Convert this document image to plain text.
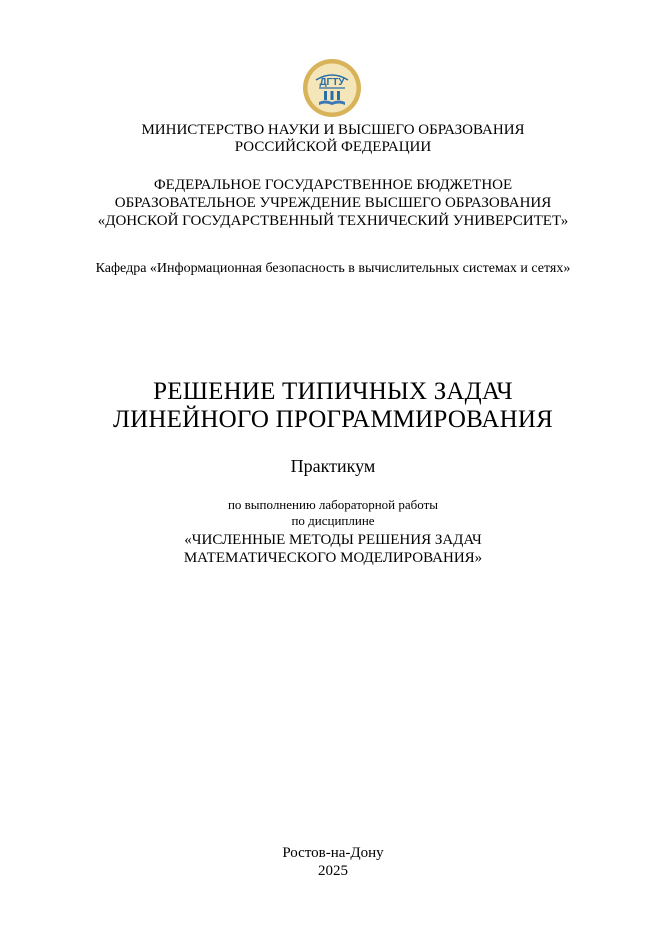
ДГТУ
МИНИСТЕРСТВО НАУКИ И ВЫСШЕГО ОБРАЗОВАНИЯ
РОССИЙСКОЙ ФЕДЕРАЦИИ
ФЕДЕРАЛЬНОЕ ГОСУДАРСТВЕННОЕ БЮДЖЕТНОЕ
ОБРАЗОВАТЕЛЬНОЕ УЧРЕЖДЕНИЕ ВЫСШЕГО ОБРАЗОВАНИЯ
«ДОНСКОЙ ГОСУДАРСТВЕННЫЙ ТЕХНИЧЕСКИЙ УНИВЕРСИТЕТ»
Кафедра «Информационная безопасность в вычислительных системах и сетях»
РЕШЕНИЕ ТИПИЧНЫХ ЗАДАЧ
ЛИНЕЙНОГО ПРОГРАММИРОВАНИЯ
Практикум
по выполнению лабораторной работы
по дисциплине
«ЧИСЛЕННЫЕ МЕТОДЫ РЕШЕНИЯ ЗАДАЧ
МАТЕМАТИЧЕСКОГО МОДЕЛИРОВАНИЯ»
Ростов-на-Дону
2025
